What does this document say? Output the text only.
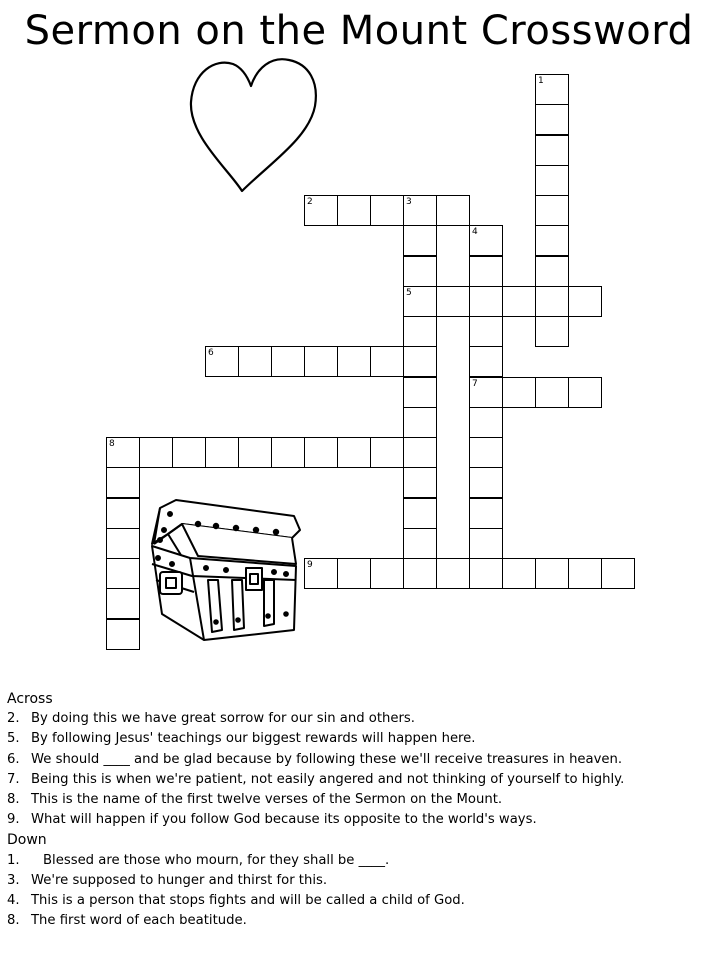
Sermon on the Mount Crossword
1
2	3
5
4
7
6
8
9
Across
2. By doing this we have great sorrow for our sin and others.
5. By following Jesus' teachings our biggest rewards will happen here.
6. We should ____ and be glad because by following these we'll receive treasures in heaven.
7. Being this is when we're patient, not easily angered and not thinking of yourself to highly.
8. This is the name of the first twelve verses of the Sermon on the Mount.
9. What will happen if you follow God because its opposite to the world's ways.
Down
1. Blessed are those who mourn, for they shall be ____.
3. We're supposed to hunger and thirst for this.
4. This is a person that stops fights and will be called a child of God.
8. The first word of each beatitude.
